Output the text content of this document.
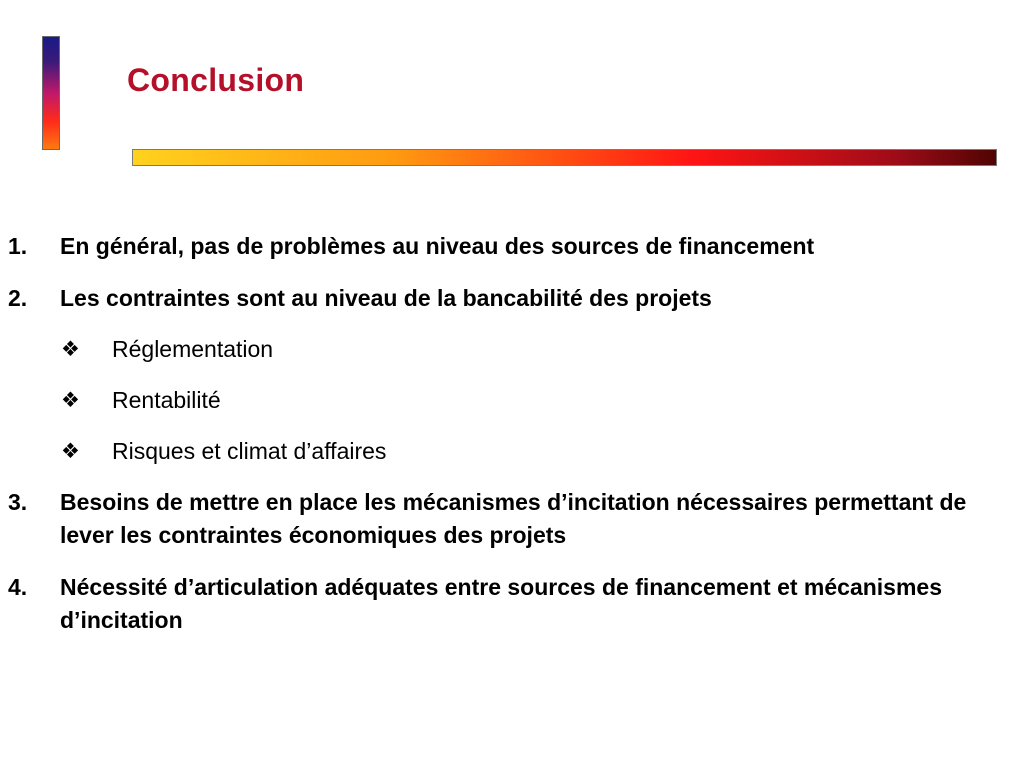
Conclusion
1. En général, pas de problèmes au niveau des sources de financement
2. Les contraintes sont au niveau de la bancabilité des projets
❖ Réglementation
❖ Rentabilité
❖ Risques et climat d’affaires
3. Besoins de mettre en place les mécanismes d’incitation nécessaires permettant de lever les contraintes économiques des projets
4. Nécessité d’articulation adéquates entre sources de financement et mécanismes d’incitation
